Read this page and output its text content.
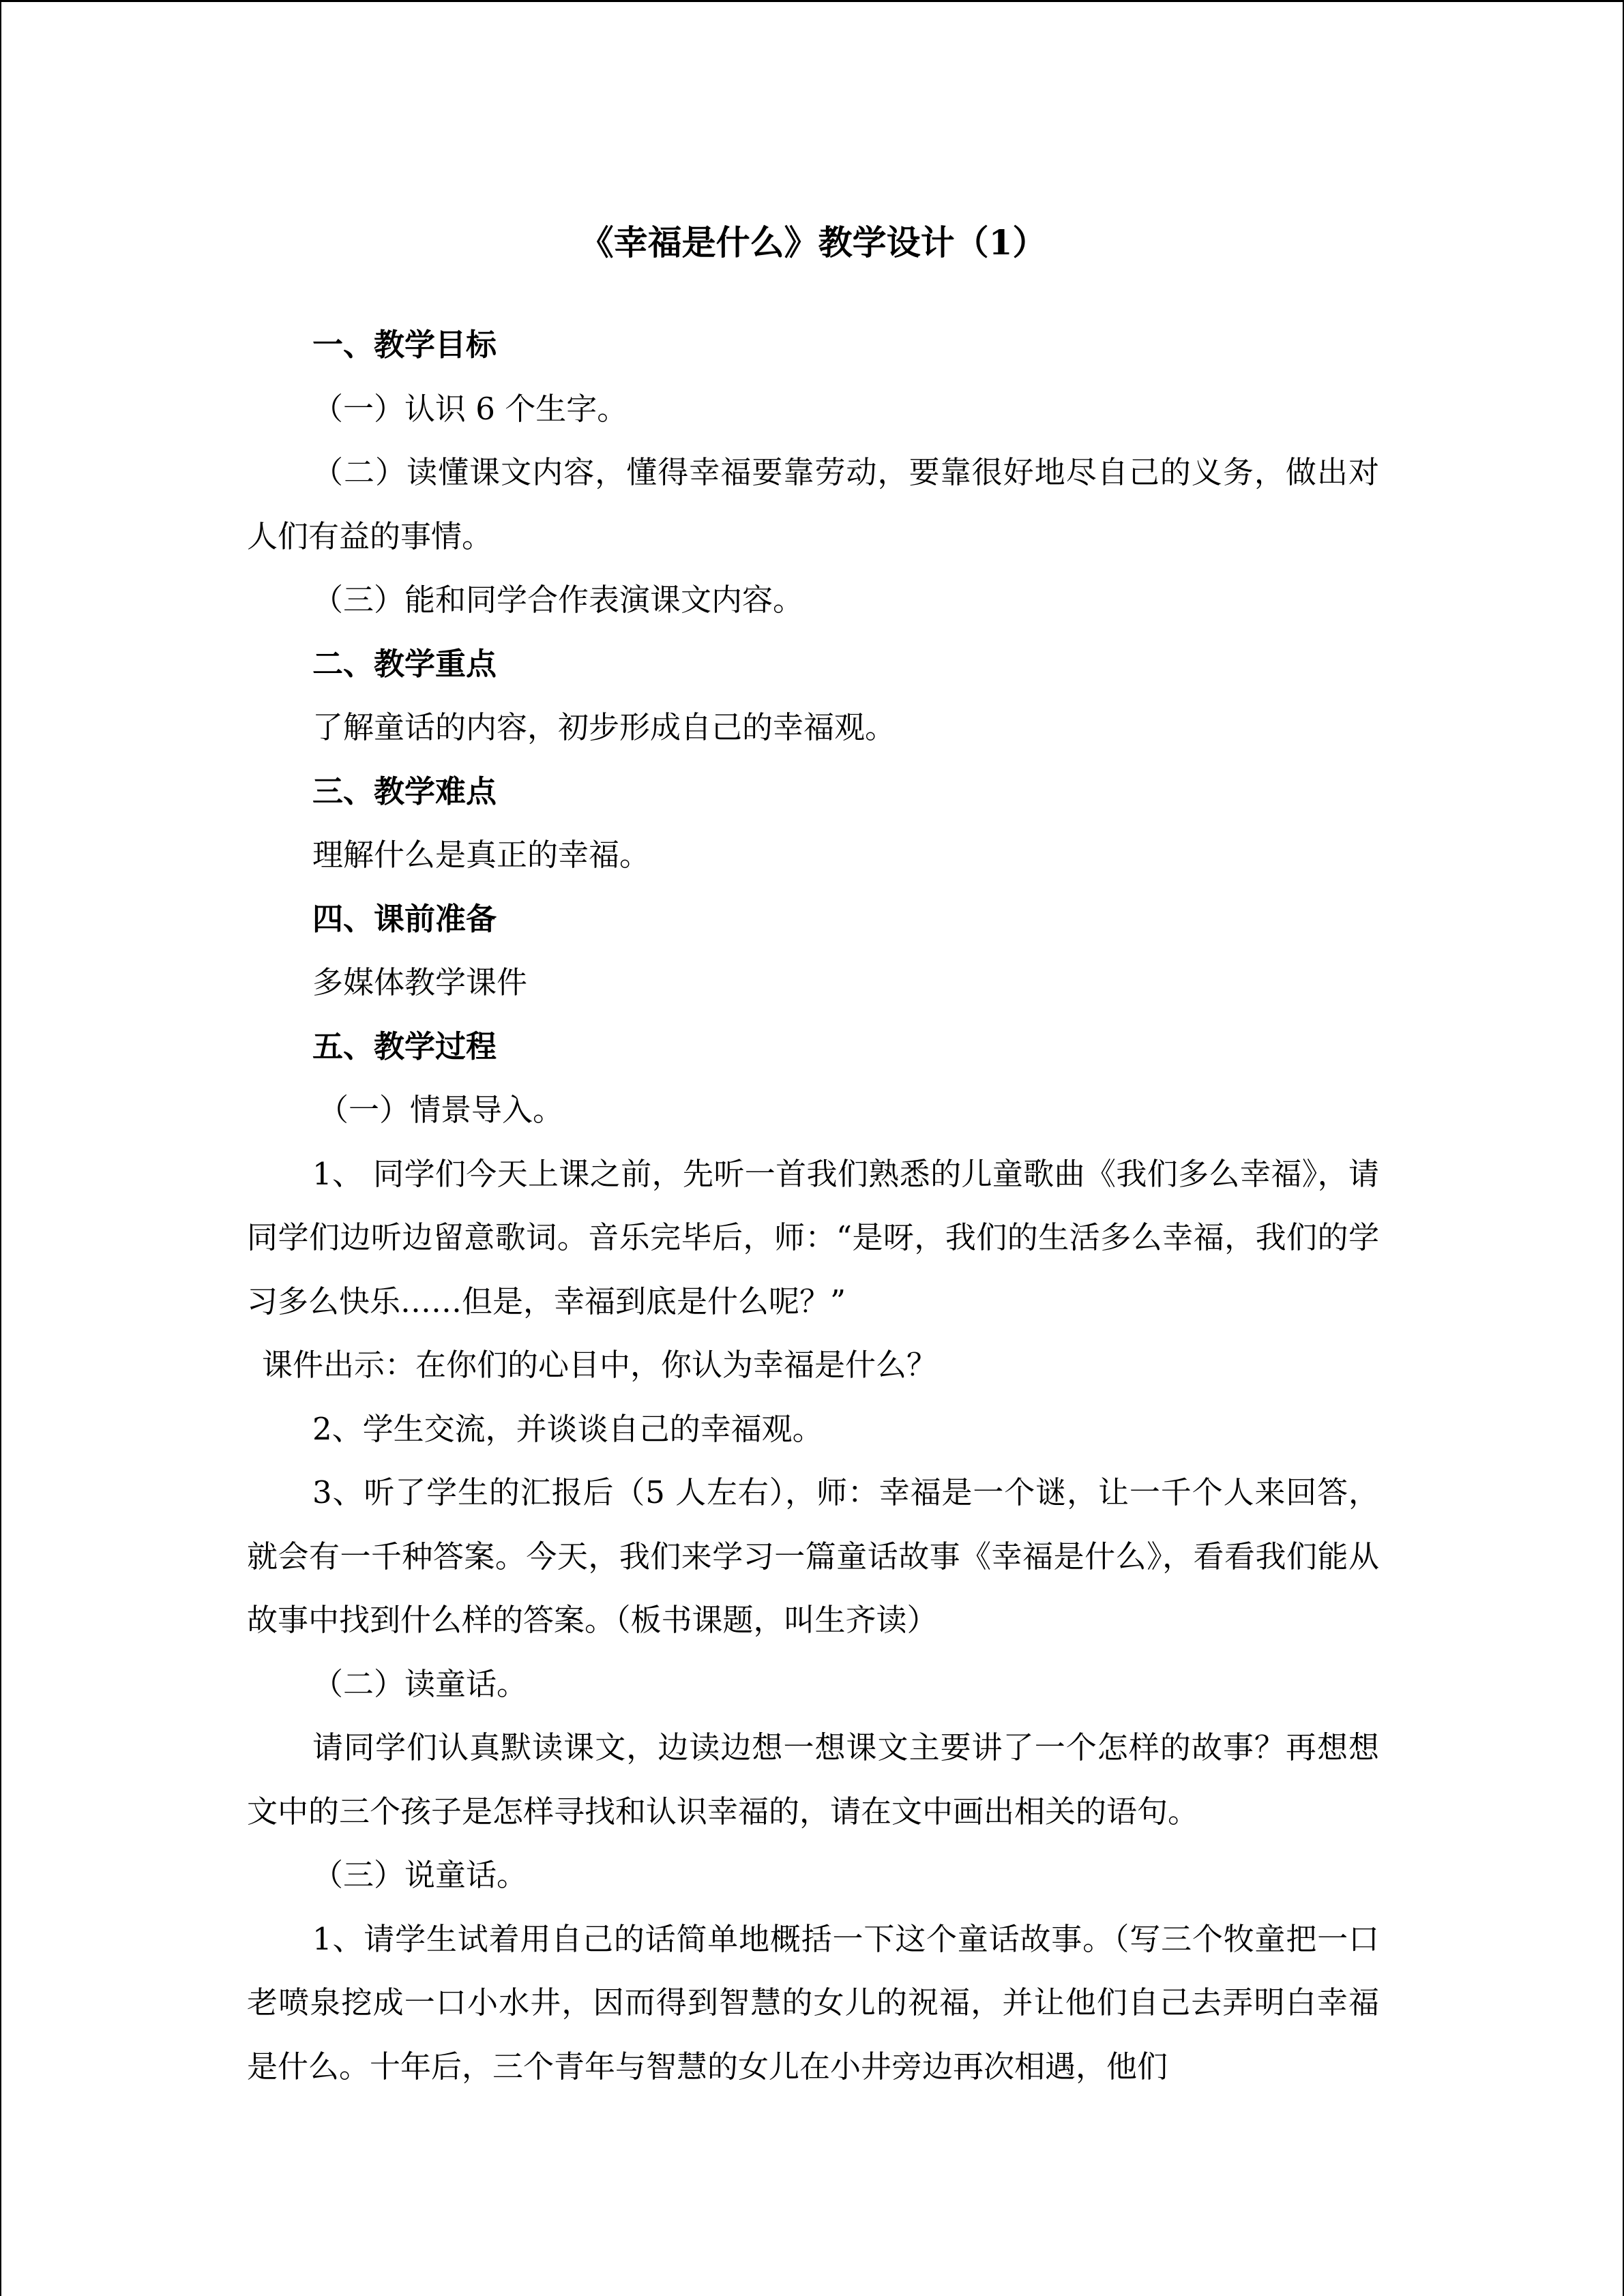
《幸福是什么》教学设计（1）

一、教学目标

（一）认识 6 个生字。

（二）读懂课文内容，懂得幸福要靠劳动，要靠很好地尽自己的义务，做出对人们有益的事情。

（三）能和同学合作表演课文内容。

二、教学重点

了解童话的内容，初步形成自己的幸福观。

三、教学难点

理解什么是真正的幸福。

四、课前准备

多媒体教学课件

五、教学过程

（一）情景导入。

1、 同学们今天上课之前，先听一首我们熟悉的儿童歌曲《我们多么幸福》，请同学们边听边留意歌词。音乐完毕后，师：“是呀，我们的生活多么幸福，我们的学习多么快乐……但是，幸福到底是什么呢？”

课件出示：在你们的心目中，你认为幸福是什么？

2、学生交流，并谈谈自己的幸福观。

3、听了学生的汇报后（5 人左右），师：幸福是一个谜，让一千个人来回答，就会有一千种答案。今天，我们来学习一篇童话故事《幸福是什么》，看看我们能从故事中找到什么样的答案。（板书课题，叫生齐读）

（二）读童话。

请同学们认真默读课文，边读边想一想课文主要讲了一个怎样的故事？再想想文中的三个孩子是怎样寻找和认识幸福的，请在文中画出相关的语句。

（三）说童话。

1、请学生试着用自己的话简单地概括一下这个童话故事。（写三个牧童把一口老喷泉挖成一口小水井，因而得到智慧的女儿的祝福，并让他们自己去弄明白幸福是什么。十年后，三个青年与智慧的女儿在小井旁边再次相遇，他们
